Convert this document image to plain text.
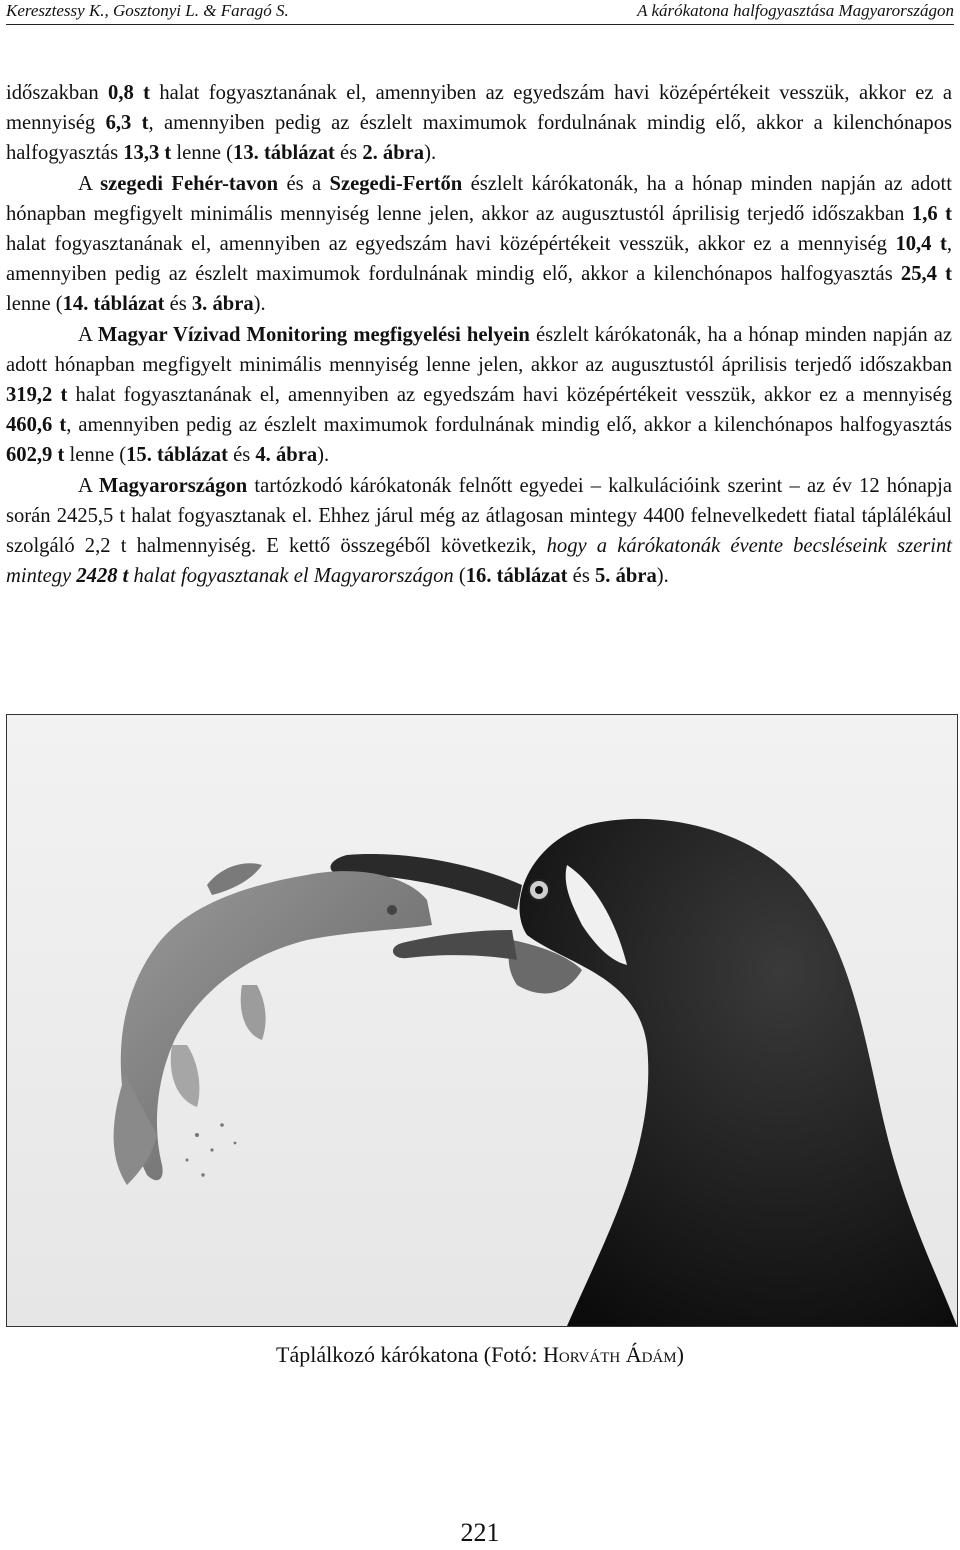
Keresztessy K., Gosztonyi L. & Faragó S.	A kárókatona halfogyasztása Magyarországon

időszakban 0,8 t halat fogyasztanának el, amennyiben az egyedszám havi középértékeit vesszük, akkor ez a mennyiség 6,3 t, amennyiben pedig az észlelt maximumok fordulnának mindig elő, akkor a kilenchónapos halfogyasztás 13,3 t lenne (13. táblázat és 2. ábra).

A szegedi Fehér-tavon és a Szegedi-Fertőn észlelt kárókatonák, ha a hónap minden napján az adott hónapban megfigyelt minimális mennyiség lenne jelen, akkor az augusztustól áprilisig terjedő időszakban 1,6 t halat fogyasztanának el, amennyiben az egyedszám havi középértékeit vesszük, akkor ez a mennyiség 10,4 t, amennyiben pedig az észlelt maximumok fordulnának mindig elő, akkor a kilenchónapos halfogyasztás 25,4 t lenne (14. táblázat és 3. ábra).

A Magyar Vízivad Monitoring megfigyelési helyein észlelt kárókatonák, ha a hónap minden napján az adott hónapban megfigyelt minimális mennyiség lenne jelen, akkor az augusztustól áprilisis terjedő időszakban 319,2 t halat fogyasztanának el, amennyiben az egyedszám havi középértékeit vesszük, akkor ez a mennyiség 460,6 t, amennyiben pedig az észlelt maximumok fordulnának mindig elő, akkor a kilenchónapos halfogyasztás 602,9 t lenne (15. táblázat és 4. ábra).

A Magyarországon tartózkodó kárókatonák felnőtt egyedei – kalkulációink szerint – az év 12 hónapja során 2425,5 t halat fogyasztanak el. Ehhez járul még az átlagosan mintegy 4400 felnevelkedett fiatal táplálékául szolgáló 2,2 t halmennyiség. E kettő összegéből következik, hogy a kárókatonák évente becsléseink szerint mintegy 2428 t halat fogyasztanak el Magyarországon (16. táblázat és 5. ábra).

Táplálkozó kárókatona (Fotó: Horváth Ádám)
221
